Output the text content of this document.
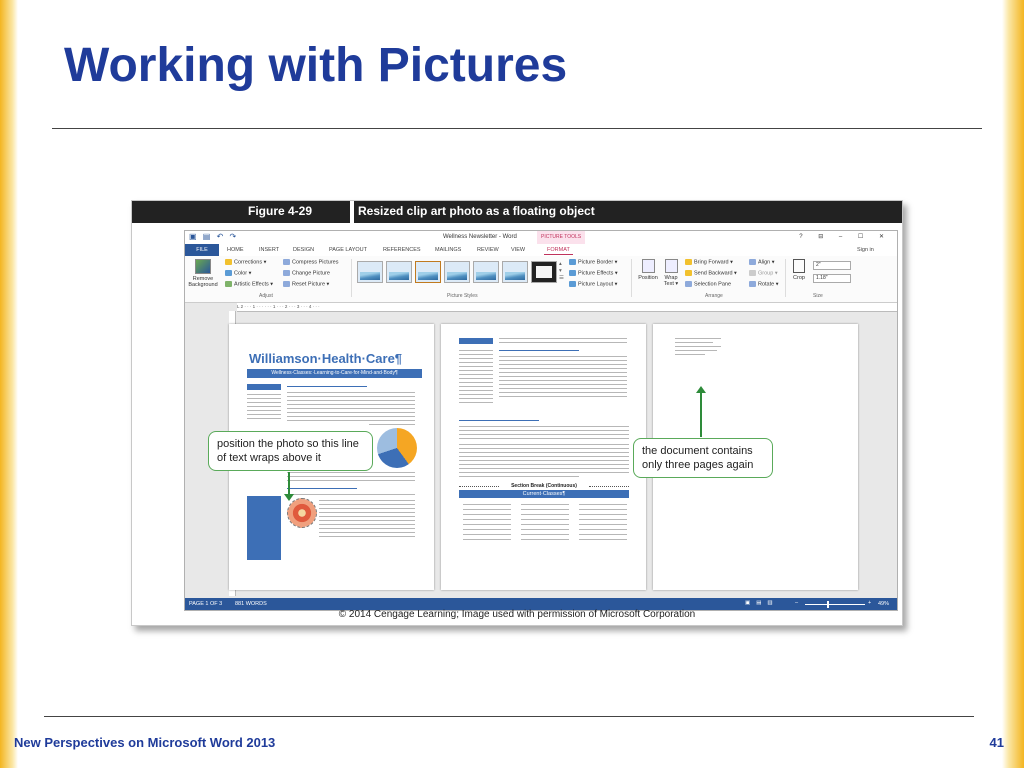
Working with Pictures
Figure 4-29	Resized clip art photo as a floating object
▣ ▤ ↶ ↷	Wellness Newsletter - Word	PICTURE TOOLS	? ⊟ – ☐ ✕
FILE	HOME	INSERT	DESIGN	PAGE LAYOUT	REFERENCES	MAILINGS	REVIEW VIEW	FORMAT	Sign in
Remove Background
Corrections ▾
Color ▾
Artistic Effects ▾
Compress Pictures
Change Picture
Reset Picture ▾
Adjust
▴
▾
☰
Picture Border ▾
Picture Effects ▾
Picture Layout ▾
Picture Styles
Position	Wrap Text ▾
Bring Forward ▾
Send Backward ▾
Selection Pane
Align ▾
Group ▾
Rotate ▾
Arrange
Crop
2"
1.18"
Size
L 2 · · · 1 · · · · · · 1 · · · 2 · · · 3 · · · 4 · · ·
Williamson·Health·Care¶
Wellness·Classes:·Learning·to·Care·for·Mind·and·Body¶
Section Break (Continuous)
Current·Classes¶
PAGE 1 OF 3 881 WORDS	▣▤▥	–	+ 49%
© 2014 Cengage Learning; Image used with permission of Microsoft Corporation
position the photo so this line of text wraps above it
the document contains only three pages again
New Perspectives on Microsoft Word 2013	41
